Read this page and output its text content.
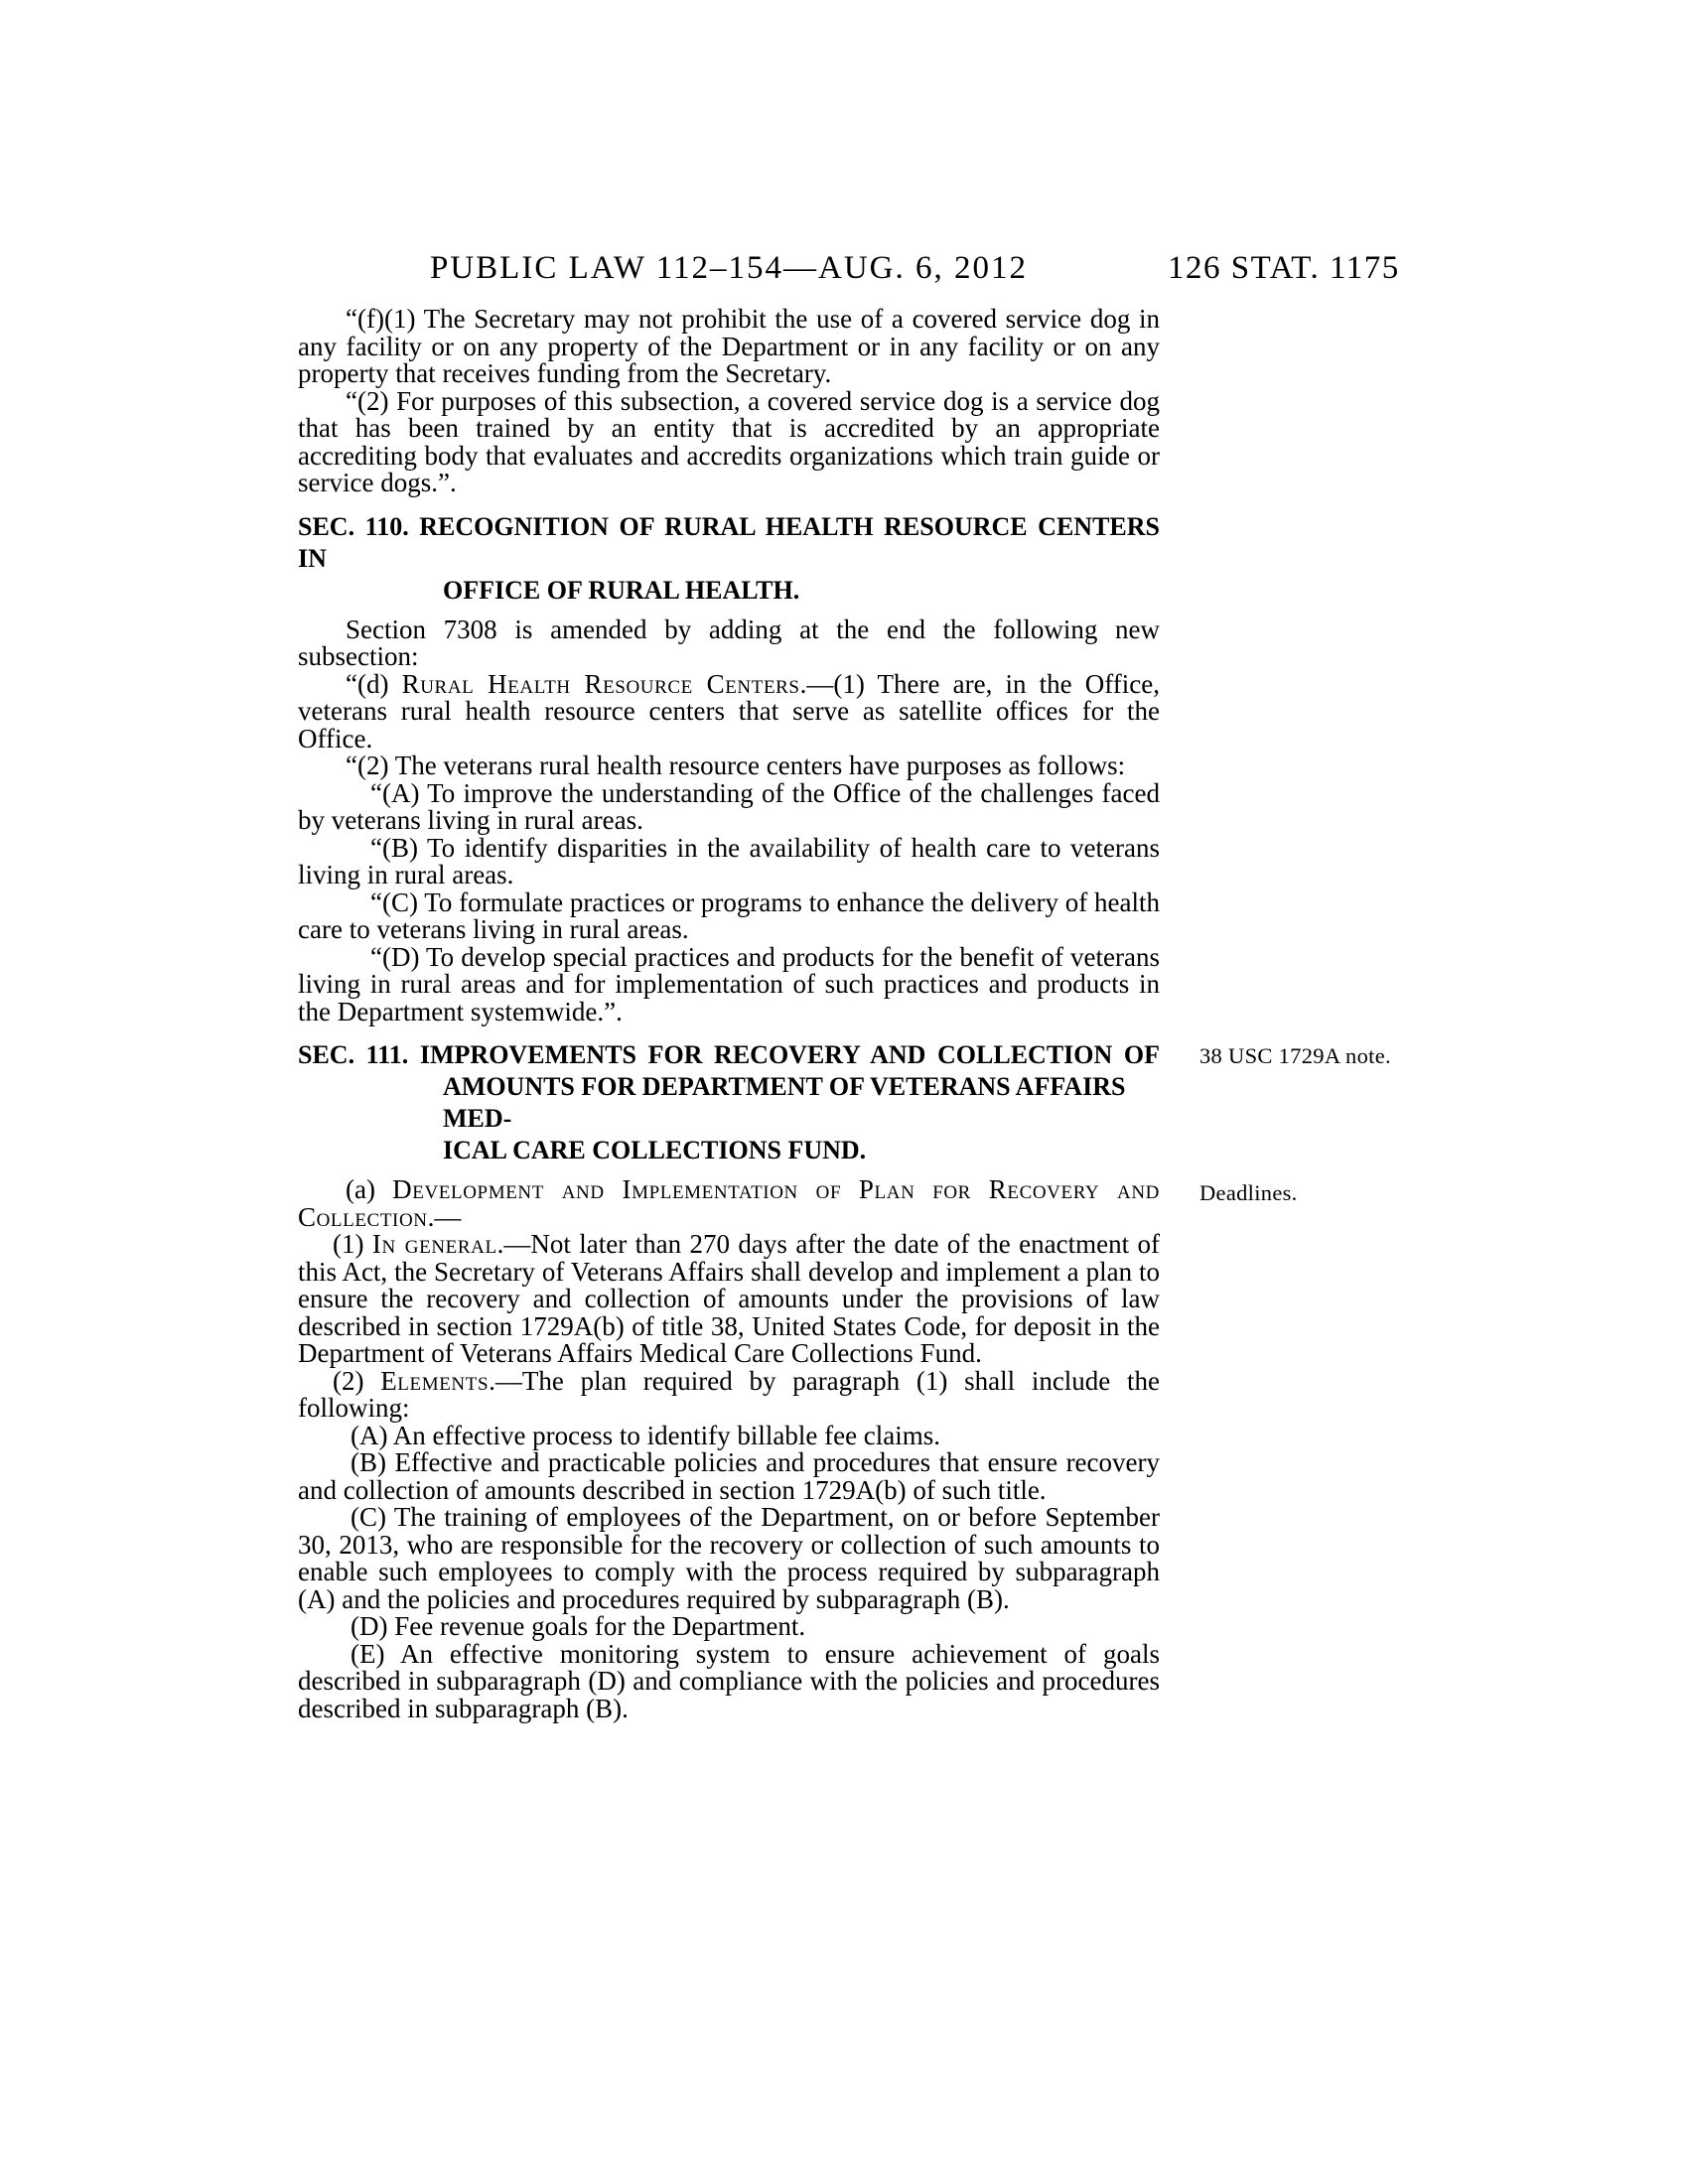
PUBLIC LAW 112–154—AUG. 6, 2012	126 STAT. 1175

“(f)(1) The Secretary may not prohibit the use of a covered service dog in any facility or on any property of the Department or in any facility or on any property that receives funding from the Secretary.

“(2) For purposes of this subsection, a covered service dog is a service dog that has been trained by an entity that is accredited by an appropriate accrediting body that evaluates and accredits organizations which train guide or service dogs.”.

SEC. 110. RECOGNITION OF RURAL HEALTH RESOURCE CENTERS IN
OFFICE OF RURAL HEALTH.

Section 7308 is amended by adding at the end the following new subsection:

“(d) Rural Health Resource Centers.—(1) There are, in the Office, veterans rural health resource centers that serve as satellite offices for the Office.

“(2) The veterans rural health resource centers have purposes as follows:

“(A) To improve the understanding of the Office of the challenges faced by veterans living in rural areas.

“(B) To identify disparities in the availability of health care to veterans living in rural areas.

“(C) To formulate practices or programs to enhance the delivery of health care to veterans living in rural areas.

“(D) To develop special practices and products for the benefit of veterans living in rural areas and for implementation of such practices and products in the Department systemwide.”.

SEC. 111. IMPROVEMENTS FOR RECOVERY AND COLLECTION OF
AMOUNTS FOR DEPARTMENT OF VETERANS AFFAIRS MED-
ICAL CARE COLLECTIONS FUND.
38 USC 1729A note.

(a) Development and Implementation of Plan for Recovery and Collection.—
Deadlines.

(1) In general.—Not later than 270 days after the date of the enactment of this Act, the Secretary of Veterans Affairs shall develop and implement a plan to ensure the recovery and collection of amounts under the provisions of law described in section 1729A(b) of title 38, United States Code, for deposit in the Department of Veterans Affairs Medical Care Collections Fund.

(2) Elements.—The plan required by paragraph (1) shall include the following:

(A) An effective process to identify billable fee claims.

(B) Effective and practicable policies and procedures that ensure recovery and collection of amounts described in section 1729A(b) of such title.

(C) The training of employees of the Department, on or before September 30, 2013, who are responsible for the recovery or collection of such amounts to enable such employees to comply with the process required by subparagraph (A) and the policies and procedures required by subparagraph (B).

(D) Fee revenue goals for the Department.

(E) An effective monitoring system to ensure achievement of goals described in subparagraph (D) and compliance with the policies and procedures described in subparagraph (B).
